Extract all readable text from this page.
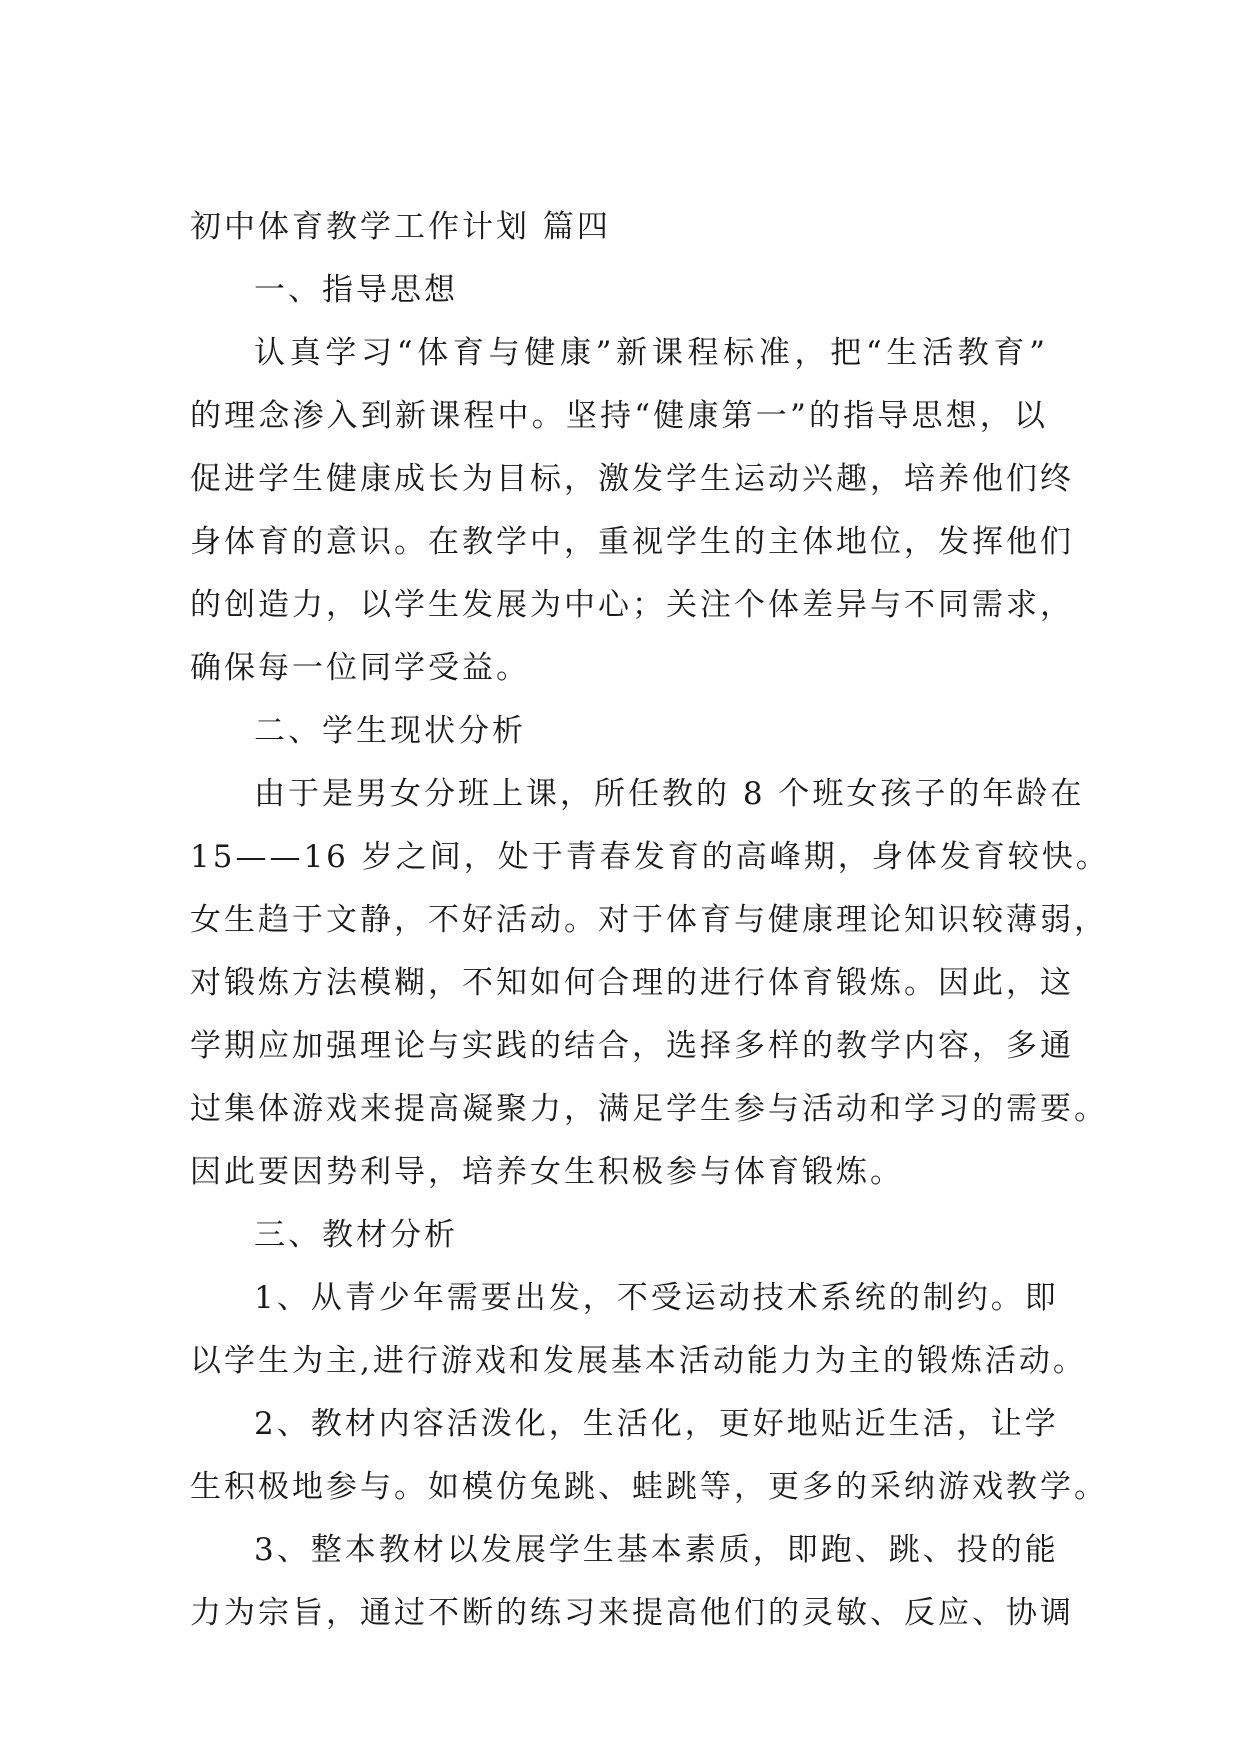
初中体育教学工作计划 篇四
一、指导思想
认真学习“体育与健康”新课程标准，把“生活教育”
的理念渗入到新课程中。坚持“健康第一”的指导思想，以
促进学生健康成长为目标，激发学生运动兴趣，培养他们终
身体育的意识。在教学中，重视学生的主体地位，发挥他们
的创造力，以学生发展为中心；关注个体差异与不同需求，
确保每一位同学受益。
二、学生现状分析
由于是男女分班上课，所任教的 8 个班女孩子的年龄在
15——16 岁之间，处于青春发育的高峰期，身体发育较快。
女生趋于文静，不好活动。对于体育与健康理论知识较薄弱，
对锻炼方法模糊，不知如何合理的进行体育锻炼。因此，这
学期应加强理论与实践的结合，选择多样的教学内容，多通
过集体游戏来提高凝聚力，满足学生参与活动和学习的需要。
因此要因势利导，培养女生积极参与体育锻炼。
三、教材分析
1、从青少年需要出发，不受运动技术系统的制约。即
以学生为主,进行游戏和发展基本活动能力为主的锻炼活动。
2、教材内容活泼化，生活化，更好地贴近生活，让学
生积极地参与。如模仿兔跳、蛙跳等，更多的采纳游戏教学。
3、整本教材以发展学生基本素质，即跑、跳、投的能
力为宗旨，通过不断的练习来提高他们的灵敏、反应、协调
